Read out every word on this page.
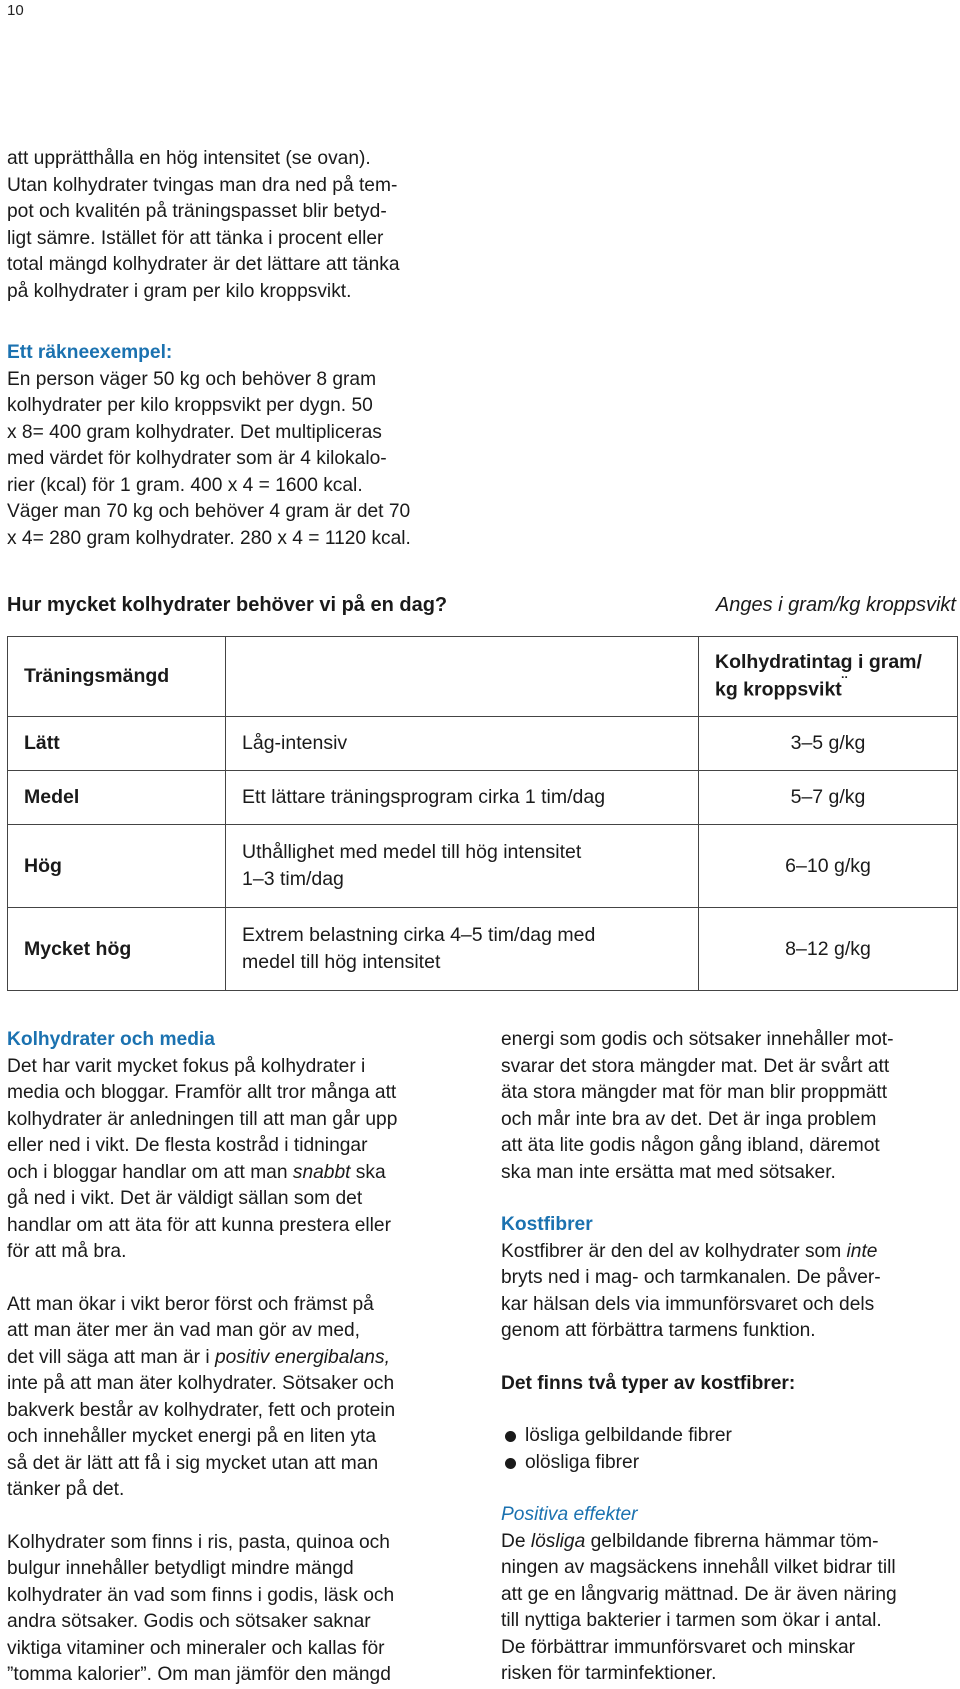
10
att upprätthålla en hög intensitet (se ovan).
Utan kolhydrater tvingas man dra ned på tem-
pot och kvalitén på träningspasset blir betyd-
ligt sämre. Istället för att tänka i procent eller
total mängd kolhydrater är det lättare att tänka
på kolhydrater i gram per kilo kroppsvikt.
Ett räkneexempel:
En person väger 50 kg och behöver 8 gram
kolhydrater per kilo kroppsvikt per dygn. 50
x 8= 400 gram kolhydrater. Det multipliceras
med värdet för kolhydrater som är 4 kilokalo-
rier (kcal) för 1 gram. 400 x 4 = 1600 kcal.
Väger man 70 kg och behöver 4 gram är det 70
x 4= 280 gram kolhydrater. 280 x 4 = 1120 kcal.
Hur mycket kolhydrater behöver vi på en dag?	Anges i gram/kg kroppsvikt
Träningsmängd		Kolhydratintag i gram/
kg kroppsvikt¨

Lätt	Låg-intensiv	3–5 g/kg
Medel	Ett lättare träningsprogram cirka 1 tim/dag	5–7 g/kg
Hög	Uthållighet med medel till hög intensitet
1–3 tim/dag	6–10 g/kg
Mycket hög	Extrem belastning cirka 4–5 tim/dag med
medel till hög intensitet	8–12 g/kg
Kolhydrater och media
Det har varit mycket fokus på kolhydrater i
media och bloggar. Framför allt tror många att
kolhydrater är anledningen till att man går upp
eller ned i vikt. De flesta kostråd i tidningar
och i bloggar handlar om att man snabbt ska
gå ned i vikt. Det är väldigt sällan som det
handlar om att äta för att kunna prestera eller
för att må bra.
Att man ökar i vikt beror först och främst på
att man äter mer än vad man gör av med,
det vill säga att man är i positiv energibalans,
inte på att man äter kolhydrater. Sötsaker och
bakverk består av kolhydrater, fett och protein
och innehåller mycket energi på en liten yta
så det är lätt att få i sig mycket utan att man
tänker på det.
Kolhydrater som finns i ris, pasta, quinoa och
bulgur innehåller betydligt mindre mängd
kolhydrater än vad som finns i godis, läsk och
andra sötsaker. Godis och sötsaker saknar
viktiga vitaminer och mineraler och kallas för
”tomma kalorier”. Om man jämför den mängd
energi som godis och sötsaker innehåller mot-
svarar det stora mängder mat. Det är svårt att
äta stora mängder mat för man blir proppmätt
och mår inte bra av det. Det är inga problem
att äta lite godis någon gång ibland, däremot
ska man inte ersätta mat med sötsaker.
Kostfibrer
Kostfibrer är den del av kolhydrater som inte
bryts ned i mag- och tarmkanalen. De påver-
kar hälsan dels via immunförsvaret och dels
genom att förbättra tarmens funktion.
Det finns två typer av kostfibrer:
lösliga gelbildande fibrer
olösliga fibrer
Positiva effekter
De lösliga gelbildande fibrerna hämmar töm-
ningen av magsäckens innehåll vilket bidrar till
att ge en långvarig mättnad. De är även näring
till nyttiga bakterier i tarmen som ökar i antal.
De förbättrar immunförsvaret och minskar
risken för tarminfektioner.
